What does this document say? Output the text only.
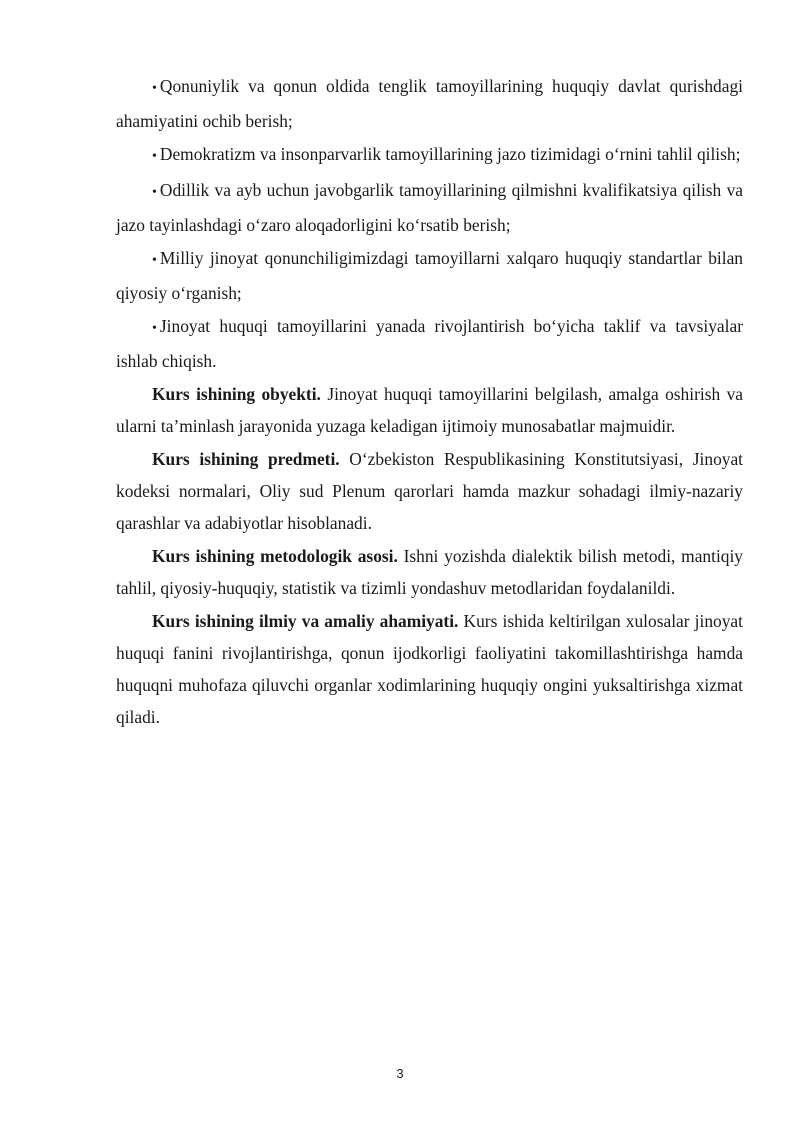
• Qonuniylik va qonun oldida tenglik tamoyillarining huquqiy davlat qurishdagi ahamiyatini ochib berish;

• Demokratizm va insonparvarlik tamoyillarining jazo tizimidagi o‘rnini tahlil qilish;

• Odillik va ayb uchun javobgarlik tamoyillarining qilmishni kvalifikatsiya qilish va jazo tayinlashdagi o‘zaro aloqadorligini ko‘rsatib berish;

• Milliy jinoyat qonunchiligimizdagi tamoyillarni xalqaro huquqiy standartlar bilan qiyosiy o‘rganish;

• Jinoyat huquqi tamoyillarini yanada rivojlantirish bo‘yicha taklif va tavsiyalar ishlab chiqish.

Kurs ishining obyekti. Jinoyat huquqi tamoyillarini belgilash, amalga oshirish va ularni ta’minlash jarayonida yuzaga keladigan ijtimoiy munosabatlar majmuidir.

Kurs ishining predmeti. O‘zbekiston Respublikasining Konstitutsiyasi, Jinoyat kodeksi normalari, Oliy sud Plenum qarorlari hamda mazkur sohadagi ilmiy-nazariy qarashlar va adabiyotlar hisoblanadi.

Kurs ishining metodologik asosi. Ishni yozishda dialektik bilish metodi, mantiqiy tahlil, qiyosiy-huquqiy, statistik va tizimli yondashuv metodlaridan foydalanildi.

Kurs ishining ilmiy va amaliy ahamiyati. Kurs ishida keltirilgan xulosalar jinoyat huquqi fanini rivojlantirishga, qonun ijodkorligi faoliyatini takomillashtirishga hamda huquqni muhofaza qiluvchi organlar xodimlarining huquqiy ongini yuksaltirishga xizmat qiladi.

3
